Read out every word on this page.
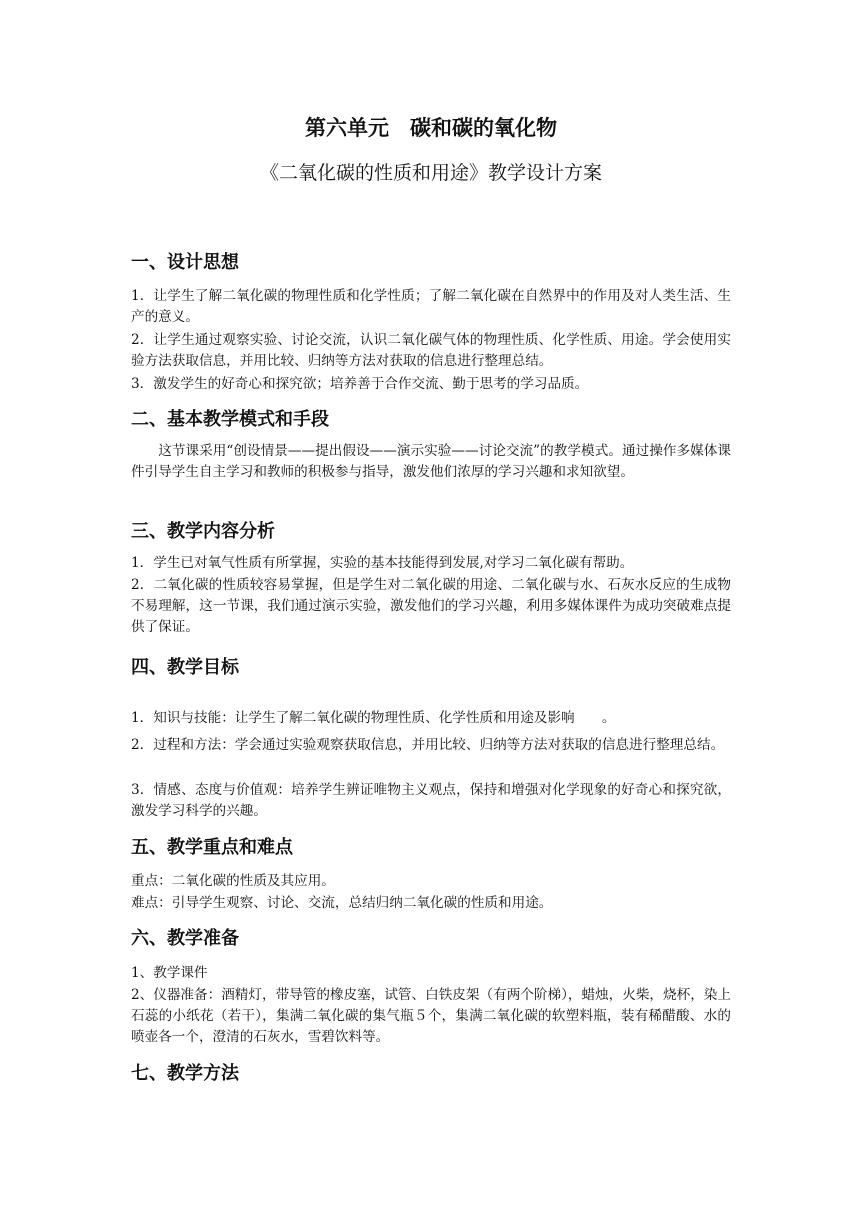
第六单元　碳和碳的氧化物
《二氧化碳的性质和用途》教学设计方案
一、设计思想
1．让学生了解二氧化碳的物理性质和化学性质；了解二氧化碳在自然界中的作用及对人类生活、生产的意义。
2．让学生通过观察实验、讨论交流，认识二氧化碳气体的物理性质、化学性质、用途。学会使用实验方法获取信息，并用比较、归纳等方法对获取的信息进行整理总结。
3．激发学生的好奇心和探究欲；培养善于合作交流、勤于思考的学习品质。
二、基本教学模式和手段
这节课采用“创设情景——提出假设——演示实验——讨论交流”的教学模式。通过操作多媒体课件引导学生自主学习和教师的积极参与指导，激发他们浓厚的学习兴趣和求知欲望。
三、教学内容分析
1．学生已对氧气性质有所掌握，实验的基本技能得到发展,对学习二氧化碳有帮助。
2．二氧化碳的性质较容易掌握，但是学生对二氧化碳的用途、二氧化碳与水、石灰水反应的生成物不易理解，这一节课，我们通过演示实验，激发他们的学习兴趣，利用多媒体课件为成功突破难点提供了保证。
四、教学目标
1．知识与技能：让学生了解二氧化碳的物理性质、化学性质和用途及影响　　。
2．过程和方法：学会通过实验观察获取信息，并用比较、归纳等方法对获取的信息进行整理总结。
3．情感、态度与价值观：培养学生辨证唯物主义观点，保持和增强对化学现象的好奇心和探究欲，激发学习科学的兴趣。
五、教学重点和难点
重点：二氧化碳的性质及其应用。
难点：引导学生观察、讨论、交流，总结归纳二氧化碳的性质和用途。
六、教学准备
1、教学课件
2、仪器准备：酒精灯，带导管的橡皮塞，试管、白铁皮架（有两个阶梯），蜡烛，火柴，烧杯，染上石蕊的小纸花（若干），集满二氧化碳的集气瓶５个，集满二氧化碳的软塑料瓶，装有稀醋酸、水的喷壶各一个，澄清的石灰水，雪碧饮料等。
七、教学方法
